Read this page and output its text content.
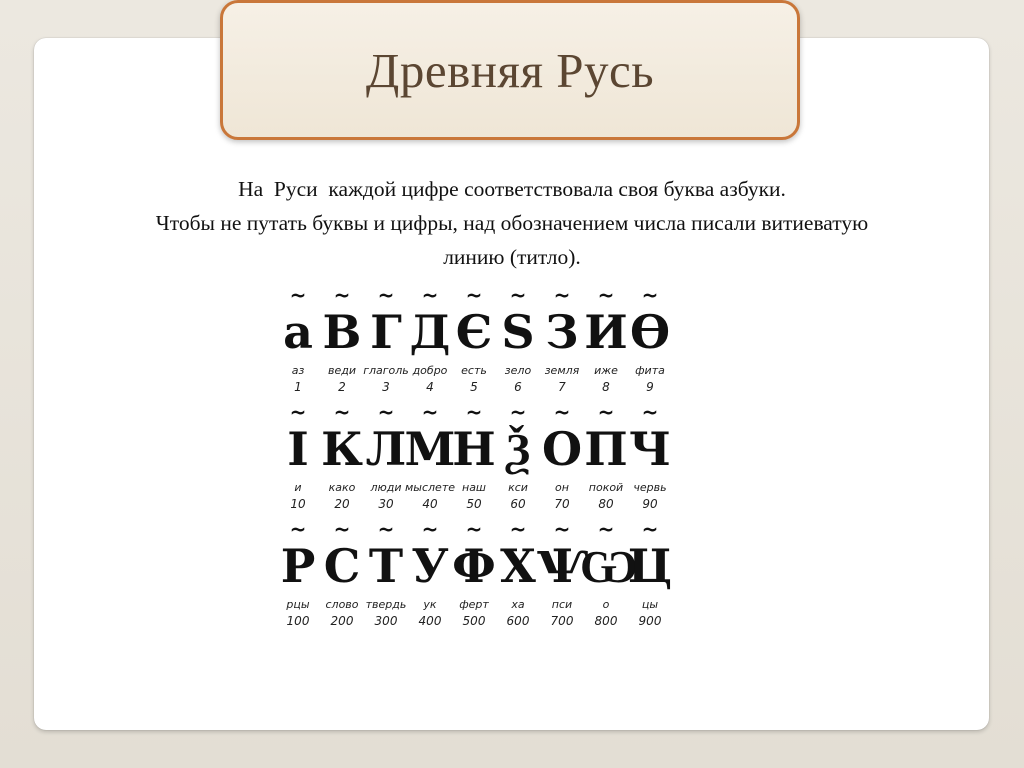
Древняя Русь
На  Руси  каждой цифре соответствовала своя буква азбуки.
Чтобы не путать буквы и цифры, над обозначением числа писали витиеватую
линию (титло).
~
а
аз
1
~
В
веди
2
~
Г
глаголь
3
~
Д
добро
4
~
Є
есть
5
~
Ѕ
зело
6
~
З
земля
7
~
И
иже
8
~
Ѳ
фита
9
~
І
и
10
~
К
како
20
~
Л
люди
30
~
М
мыслете
40
~
Н
наш
50
~
Ѯ
кси
60
~
О
он
70
~
П
покой
80
~
Ч
червь
90
~
Р
рцы
100
~
С
слово
200
~
Т
твердь
300
~
У
ук
400
~
Ф
ферт
500
~
Х
ха
600
~
Ѱ
пси
700
~
Ѡ
о
800
~
Ц
цы
900
